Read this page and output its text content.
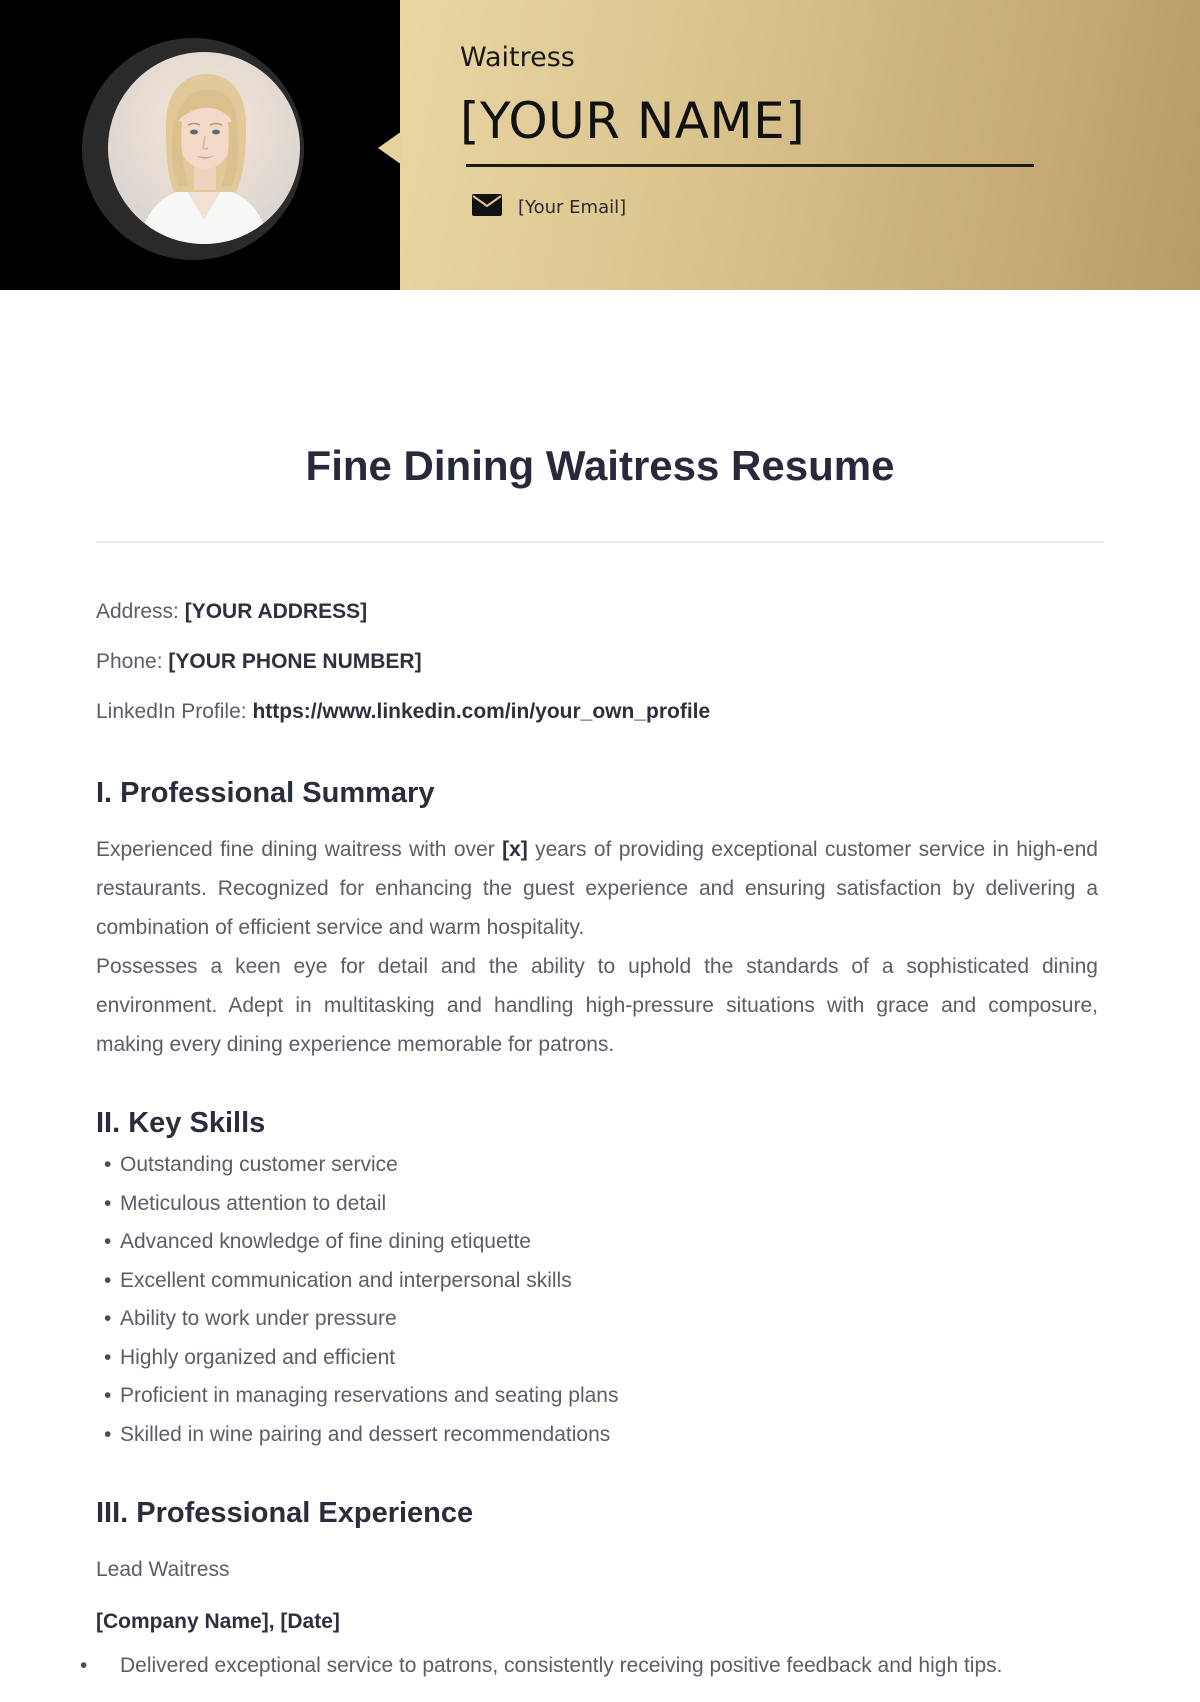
Waitress
[YOUR NAME]
[Your Email]
Fine Dining Waitress Resume

Address: [YOUR ADDRESS]

Phone: [YOUR PHONE NUMBER]

LinkedIn Profile: https://www.linkedin.com/in/your_own_profile

I. Professional Summary

Experienced fine dining waitress with over [x] years of providing exceptional customer service in high-end restaurants. Recognized for enhancing the guest experience and ensuring satisfaction by delivering a combination of efficient service and warm hospitality.

Possesses a keen eye for detail and the ability to uphold the standards of a sophisticated dining environment. Adept in multitasking and handling high-pressure situations with grace and composure, making every dining experience memorable for patrons.

II. Key Skills
• Outstanding customer service
• Meticulous attention to detail
• Advanced knowledge of fine dining etiquette
• Excellent communication and interpersonal skills
• Ability to work under pressure
• Highly organized and efficient
• Proficient in managing reservations and seating plans
• Skilled in wine pairing and dessert recommendations
III. Professional Experience

Lead Waitress

[Company Name], [Date]

• Delivered exceptional service to patrons, consistently receiving positive feedback and high tips.
